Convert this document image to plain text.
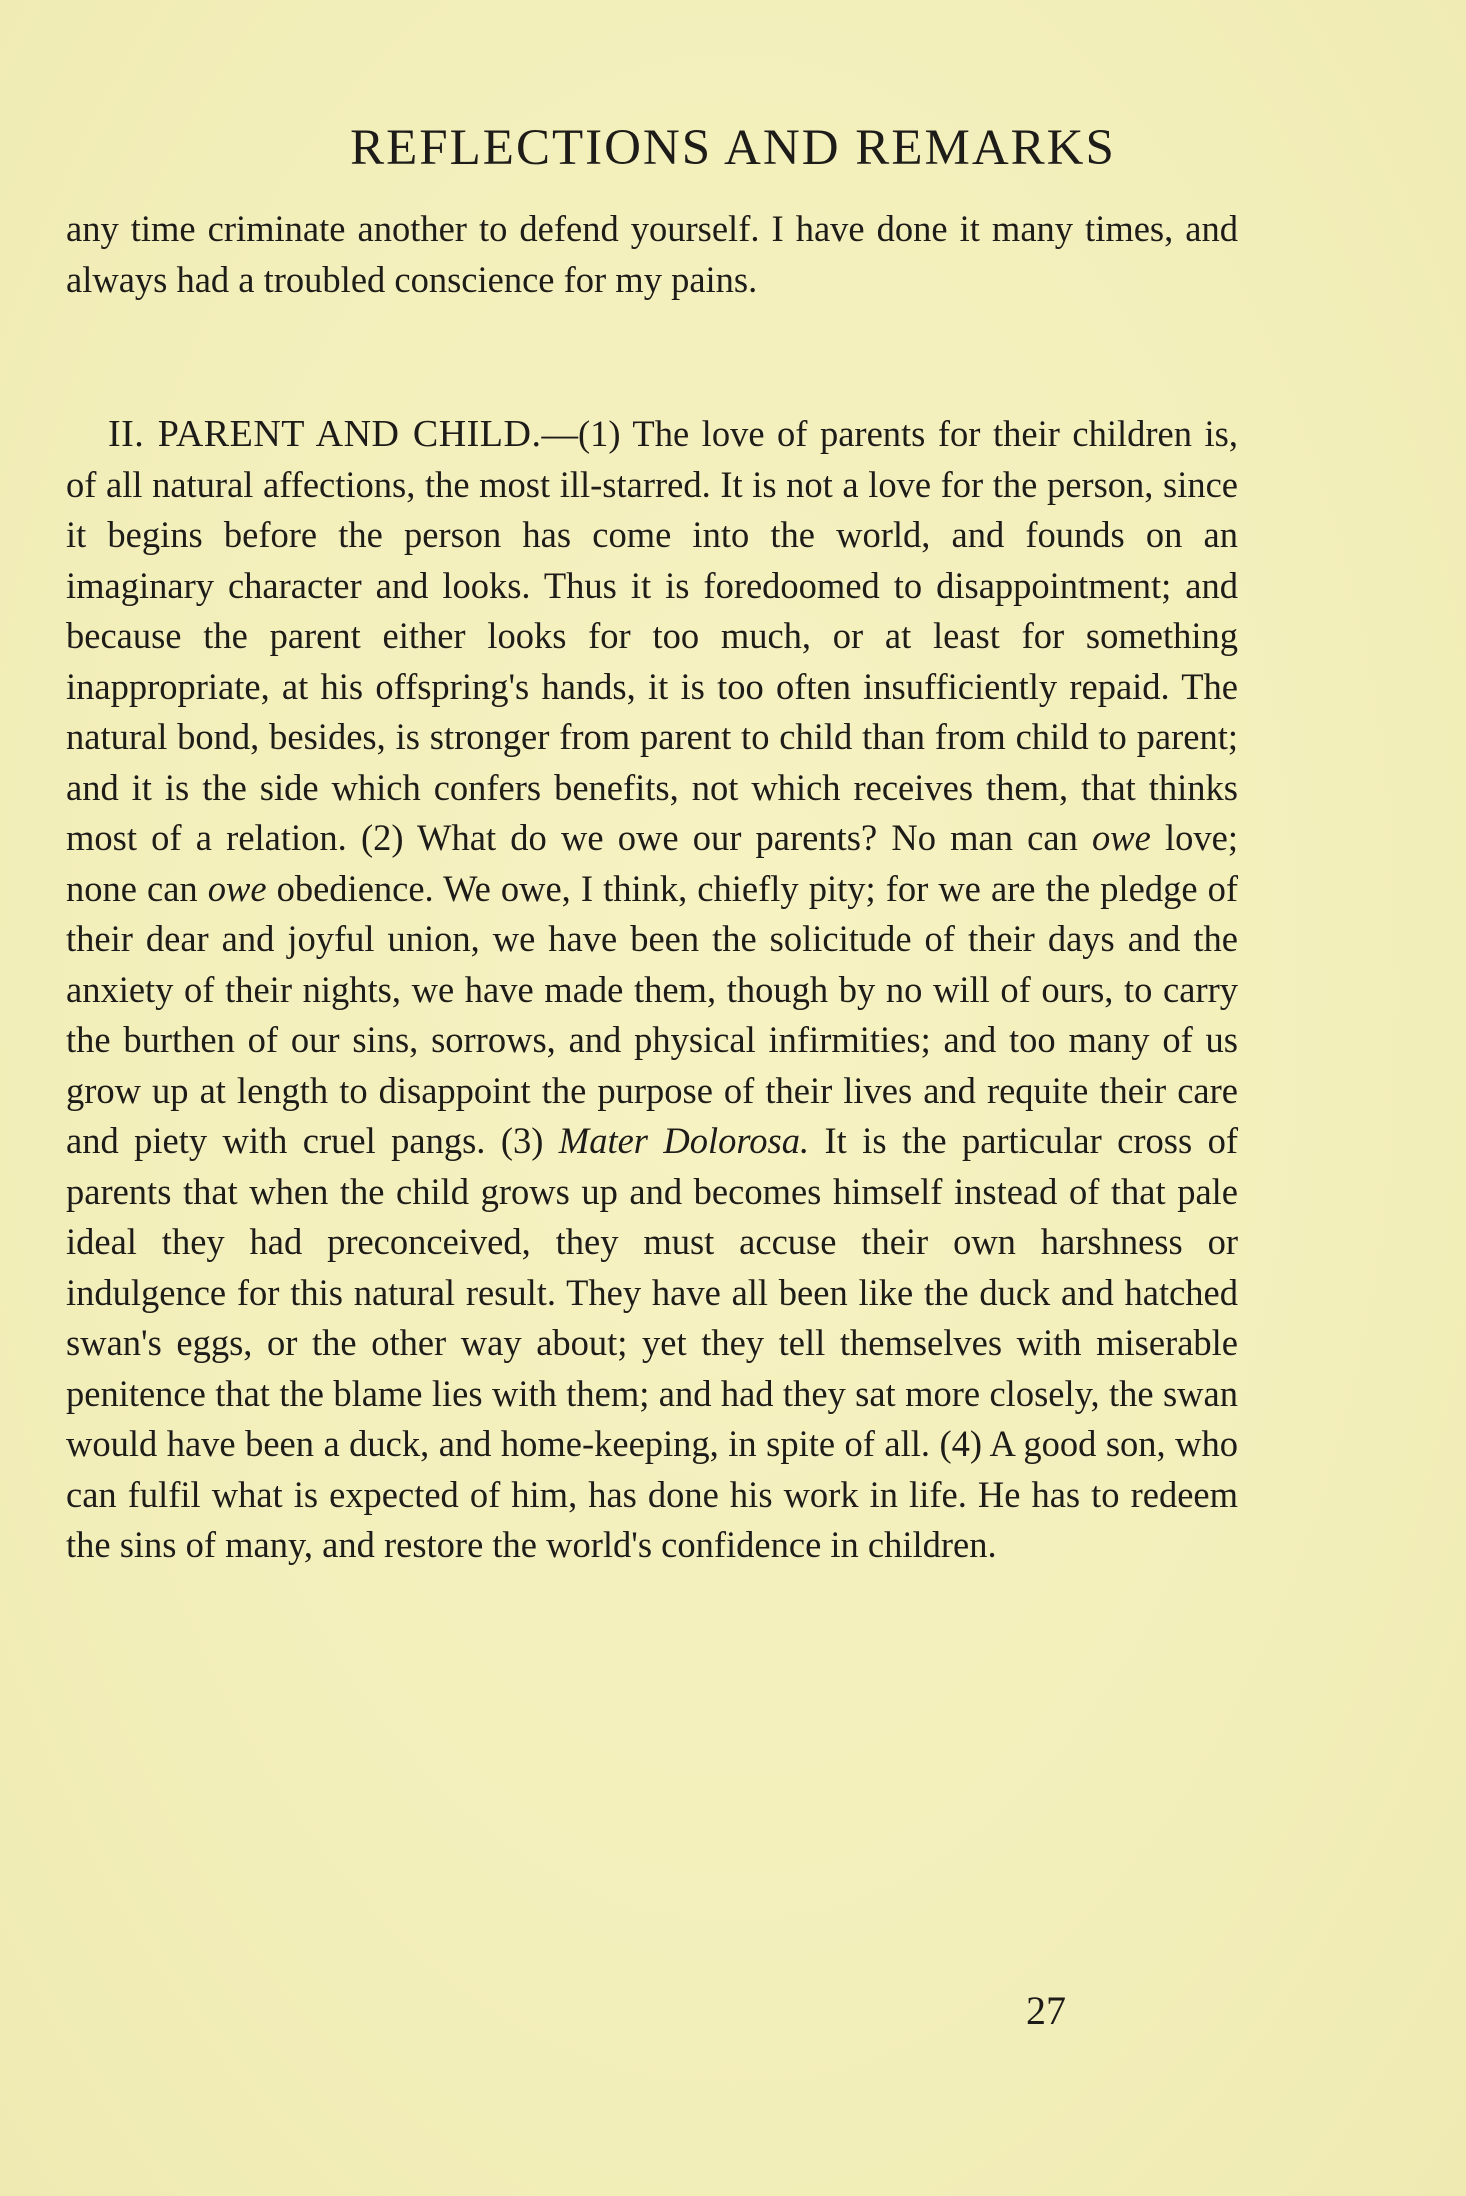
REFLECTIONS AND REMARKS

any time criminate another to defend yourself. I have done it many times, and always had a troubled conscience for my pains.

II. PARENT AND CHILD.—(1) The love of parents for their children is, of all natural affections, the most ill-starred. It is not a love for the person, since it begins before the person has come into the world, and founds on an imaginary character and looks. Thus it is foredoomed to disappointment; and because the parent either looks for too much, or at least for something inappropriate, at his offspring's hands, it is too often insufficiently repaid. The natural bond, besides, is stronger from parent to child than from child to parent; and it is the side which confers benefits, not which receives them, that thinks most of a relation. (2) What do we owe our parents? No man can owe love; none can owe obedience. We owe, I think, chiefly pity; for we are the pledge of their dear and joyful union, we have been the solicitude of their days and the anxiety of their nights, we have made them, though by no will of ours, to carry the burthen of our sins, sorrows, and physical infirmities; and too many of us grow up at length to disappoint the purpose of their lives and requite their care and piety with cruel pangs. (3) Mater Dolorosa. It is the particular cross of parents that when the child grows up and becomes himself instead of that pale ideal they had preconceived, they must accuse their own harshness or indulgence for this natural result. They have all been like the duck and hatched swan's eggs, or the other way about; yet they tell themselves with miserable penitence that the blame lies with them; and had they sat more closely, the swan would have been a duck, and home-keeping, in spite of all. (4) A good son, who can fulfil what is expected of him, has done his work in life. He has to redeem the sins of many, and restore the world's confidence in children.

27
